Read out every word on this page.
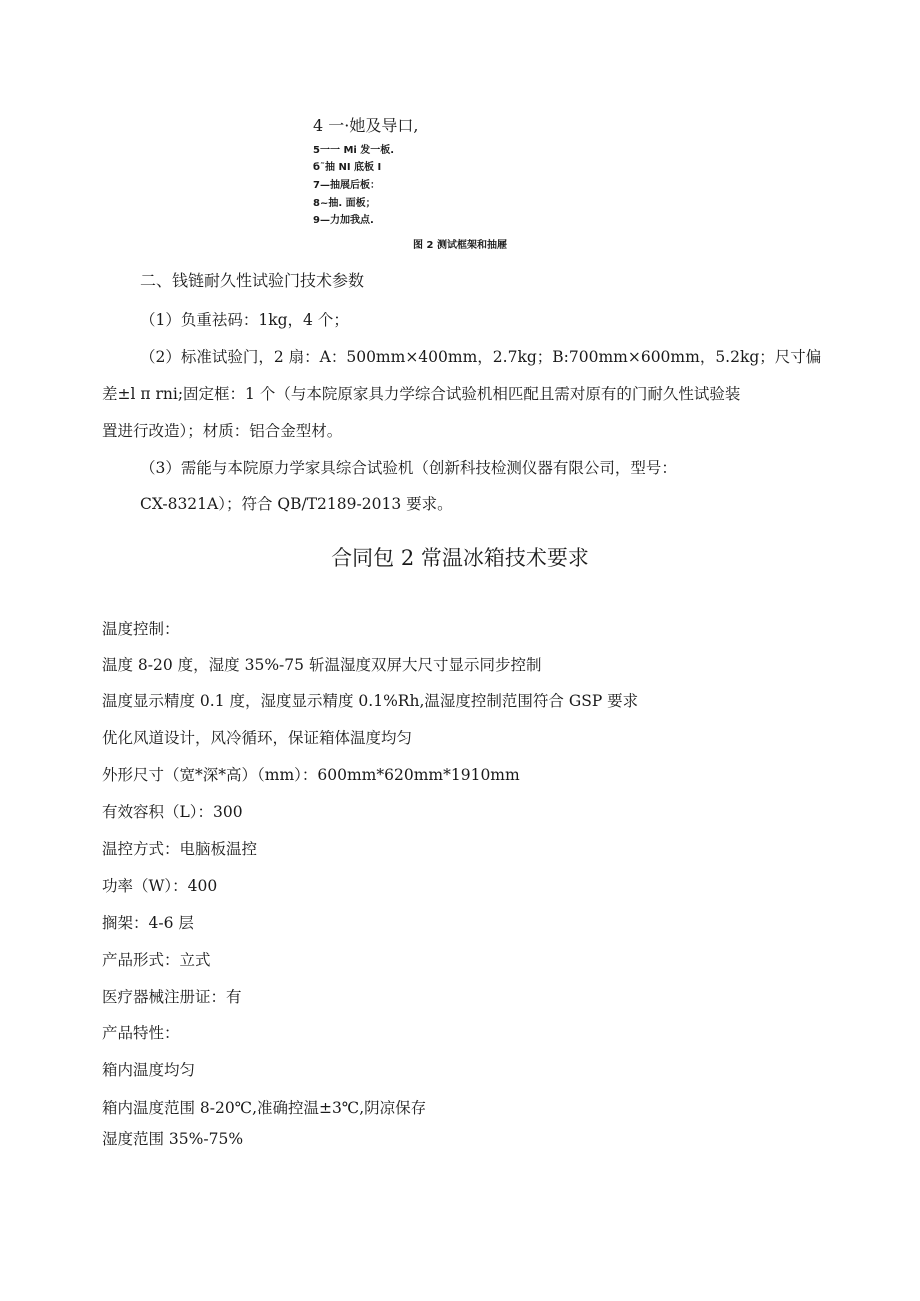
4 一·她及导口,
5一一 Mi 发一板.
б˜抽 NI 底板 I
7—抽展后板：
8~抽. 面板；
9—力加我点.
图 2 测试框架和抽屜
二、钱链耐久性试验门技术参数
（1）负重祛码：1kg，4 个；
（2）标准试验门，2 扇：A：500mm×400mm，2.7kg；B:700mm×600mm，5.2kg；尺寸偏
差±l π rni;固定框：1 个（与本院原家具力学综合试验机相匹配且需对原有的门耐久性试验装
置进行改造）；材质：铝合金型材。
（3）需能与本院原力学家具综合试验机（创新科技检测仪器有限公司，型号：
CX-8321A）；符合 QB/T2189-2013 要求。
合同包 2 常温冰箱技术要求
温度控制：
温度 8-20 度，湿度 35%-75 斩温湿度双屏大尺寸显示同步控制
温度显示精度 0.1 度，湿度显示精度 0.1%Rh,温湿度控制范围符合 GSP 要求
优化风道设计，风冷循环，保证箱体温度均匀
外形尺寸（宽*深*高）（mm）：600mm*620mm*1910mm
有效容积（L）：300
温控方式：电脑板温控
功率（W）：400
搁架：4-6 层
产品形式：立式
医疗器械注册证：有
产品特性：
箱内温度均匀
箱内温度范围 8-20℃,准确控温±3℃,阴凉保存
湿度范围 35%-75%
